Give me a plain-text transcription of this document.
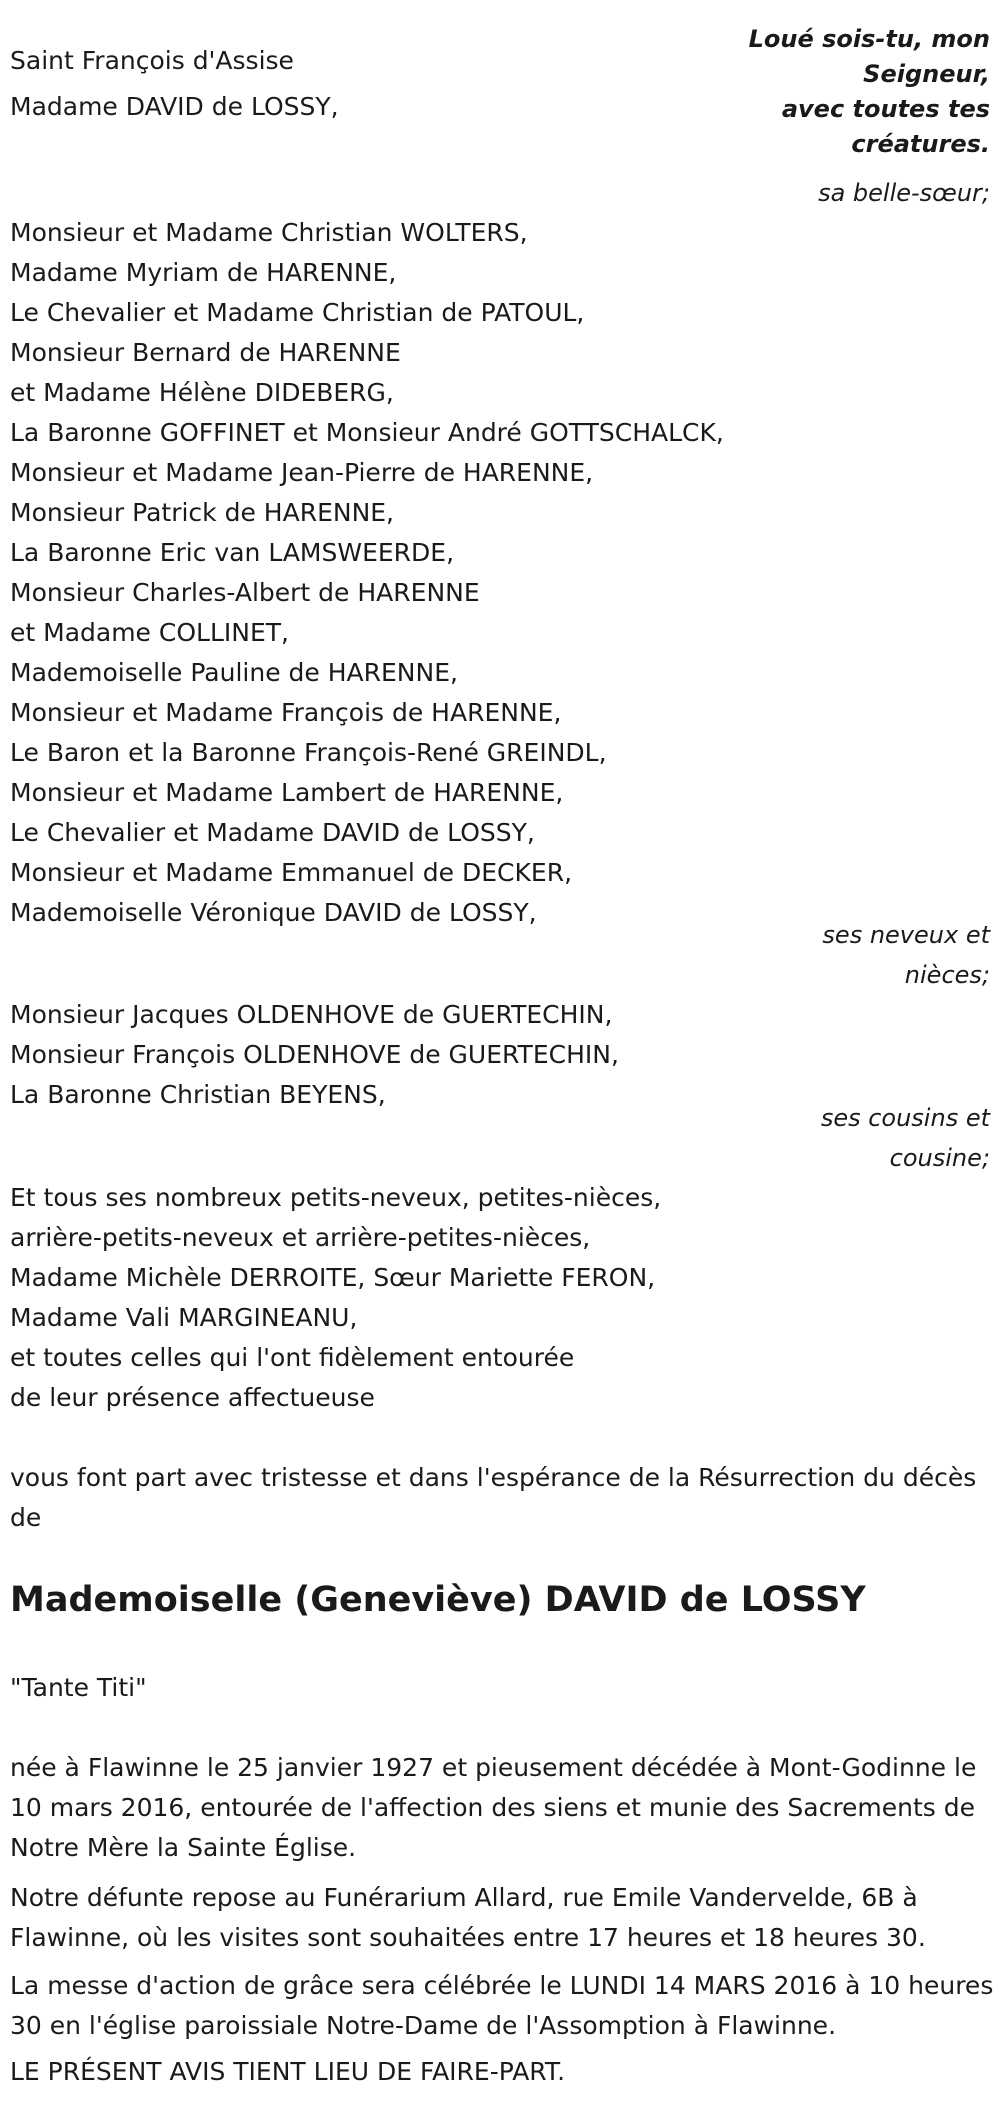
Loué sois-tu, mon
Seigneur,
avec toutes tes
créatures.
Saint François d'Assise
Madame DAVID de LOSSY,
sa belle-sœur;
Monsieur et Madame Christian WOLTERS,
Madame Myriam de HARENNE,
Le Chevalier et Madame Christian de PATOUL,
Monsieur Bernard de HARENNE
et Madame Hélène DIDEBERG,
La Baronne GOFFINET et Monsieur André GOTTSCHALCK,
Monsieur et Madame Jean-Pierre de HARENNE,
Monsieur Patrick de HARENNE,
La Baronne Eric van LAMSWEERDE,
Monsieur Charles-Albert de HARENNE
et Madame COLLINET,
Mademoiselle Pauline de HARENNE,
Monsieur et Madame François de HARENNE,
Le Baron et la Baronne François-René GREINDL,
Monsieur et Madame Lambert de HARENNE,
Le Chevalier et Madame DAVID de LOSSY,
Monsieur et Madame Emmanuel de DECKER,
Mademoiselle Véronique DAVID de LOSSY,
ses neveux et
nièces;
Monsieur Jacques OLDENHOVE de GUERTECHIN,
Monsieur François OLDENHOVE de GUERTECHIN,
La Baronne Christian BEYENS,
ses cousins et
cousine;
Et tous ses nombreux petits-neveux, petites-nièces,
arrière-petits-neveux et arrière-petites-nièces,
Madame Michèle DERROITE, Sœur Mariette FERON,
Madame Vali MARGINEANU,
et toutes celles qui l'ont fidèlement entourée
de leur présence affectueuse
vous font part avec tristesse et dans l'espérance de la Résurrection du décès de
Mademoiselle (Geneviève) DAVID de LOSSY
"Tante Titi"
née à Flawinne le 25 janvier 1927 et pieusement décédée à Mont-Godinne le 10 mars 2016, entourée de l'affection des siens et munie des Sacrements de Notre Mère la Sainte Église.
Notre défunte repose au Funérarium Allard, rue Emile Vandervelde, 6B à Flawinne, où les visites sont souhaitées entre 17 heures et 18 heures 30.
La messe d'action de grâce sera célébrée le LUNDI 14 MARS 2016 à 10 heures 30 en l'église paroissiale Notre-Dame de l'Assomption à Flawinne.
LE PRÉSENT AVIS TIENT LIEU DE FAIRE-PART.
